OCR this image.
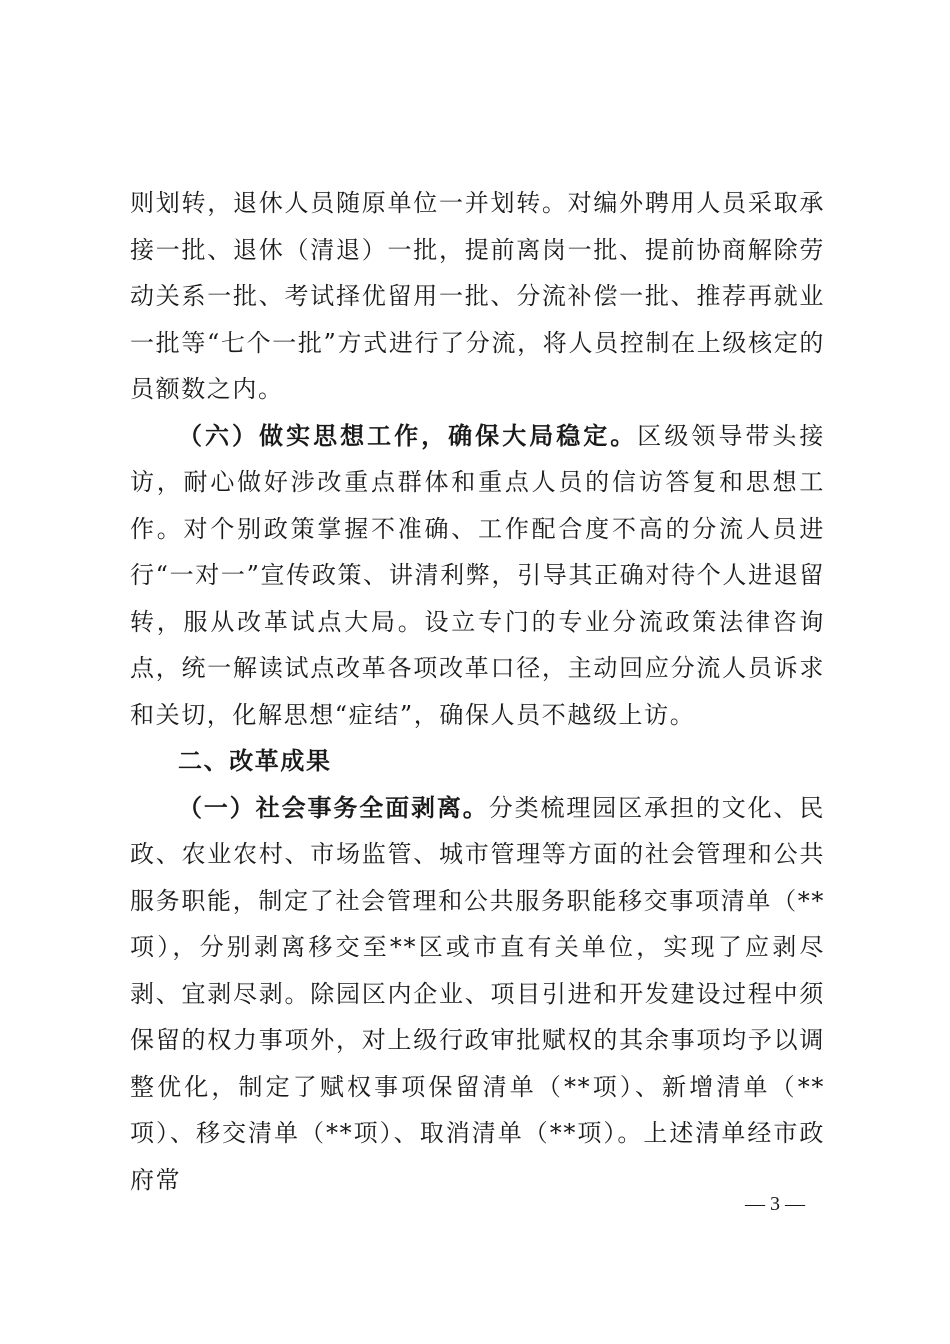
则划转，退休人员随原单位一并划转。对编外聘用人员采取承接一批、退休（清退）一批，提前离岗一批、提前协商解除劳动关系一批、考试择优留用一批、分流补偿一批、推荐再就业一批等“七个一批”方式进行了分流，将人员控制在上级核定的员额数之内。

（六）做实思想工作，确保大局稳定。区级领导带头接访，耐心做好涉改重点群体和重点人员的信访答复和思想工作。对个别政策掌握不准确、工作配合度不高的分流人员进行“一对一”宣传政策、讲清利弊，引导其正确对待个人进退留转，服从改革试点大局。设立专门的专业分流政策法律咨询点，统一解读试点改革各项改革口径，主动回应分流人员诉求和关切，化解思想“症结”，确保人员不越级上访。

二、改革成果

（一）社会事务全面剥离。分类梳理园区承担的文化、民政、农业农村、市场监管、城市管理等方面的社会管理和公共服务职能，制定了社会管理和公共服务职能移交事项清单（**项），分别剥离移交至**区或市直有关单位，实现了应剥尽剥、宜剥尽剥。除园区内企业、项目引进和开发建设过程中须保留的权力事项外，对上级行政审批赋权的其余事项均予以调整优化，制定了赋权事项保留清单（**项）、新增清单（**项）、移交清单（**项）、取消清单（**项）。上述清单经市政府常

— 3 —
